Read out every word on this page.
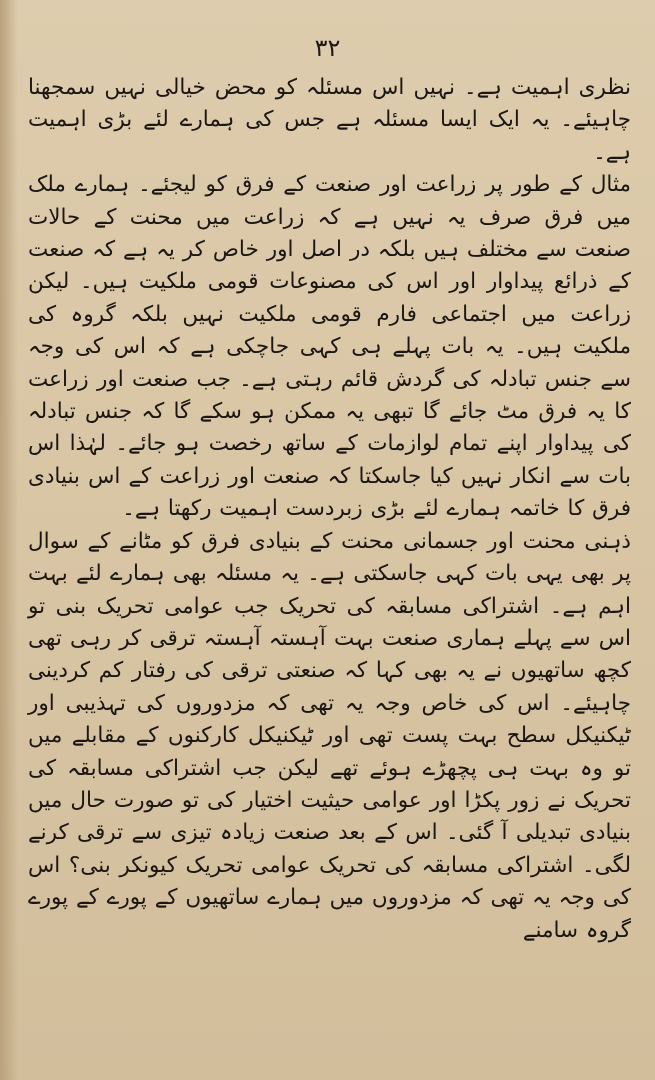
۳۲

نظری اہمیت ہے۔ نہیں اس مسئلہ کو محض خیالی نہیں سمجھنا چاہیئے۔ یہ ایک ایسا مسئلہ ہے جس کی ہمارے لئے بڑی اہمیت ہے۔

مثال کے طور پر زراعت اور صنعت کے فرق کو لیجئے۔ ہمارے ملک میں فرق صرف یہ نہیں ہے کہ زراعت میں محنت کے حالات صنعت سے مختلف ہیں بلکہ در اصل اور خاص کر یہ ہے کہ صنعت کے ذرائع پیداوار اور اس کی مصنوعات قومی ملکیت ہیں۔ لیکن زراعت میں اجتماعی فارم قومی ملکیت نہیں بلکہ گروہ کی ملکیت ہیں۔ یہ بات پہلے ہی کہی جاچکی ہے کہ اس کی وجہ سے جنس تبادلہ کی گردش قائم رہتی ہے۔ جب صنعت اور زراعت کا یہ فرق مٹ جائے گا تبھی یہ ممکن ہو سکے گا کہ جنس تبادلہ کی پیداوار اپنے تمام لوازمات کے ساتھ رخصت ہو جائے۔ لہٰذا اس بات سے انکار نہیں کیا جاسکتا کہ صنعت اور زراعت کے اس بنیادی فرق کا خاتمہ ہمارے لئے بڑی زبردست اہمیت رکھتا ہے۔

ذہنی محنت اور جسمانی محنت کے بنیادی فرق کو مٹانے کے سوال پر بھی یہی بات کہی جاسکتی ہے۔ یہ مسئلہ بھی ہمارے لئے بہت اہم ہے۔ اشتراکی مسابقہ کی تحریک جب عوامی تحریک بنی تو اس سے پہلے ہماری صنعت بہت آہستہ آہستہ ترقی کر رہی تھی کچھ ساتھیوں نے یہ بھی کہا کہ صنعتی ترقی کی رفتار کم کردینی چاہیئے۔ اس کی خاص وجہ یہ تھی کہ مزدوروں کی تہذیبی اور ٹیکنیکل سطح بہت پست تھی اور ٹیکنیکل کارکنوں کے مقابلے میں تو وہ بہت ہی پچھڑے ہوئے تھے لیکن جب اشتراکی مسابقہ کی تحریک نے زور پکڑا اور عوامی حیثیت اختیار کی تو صورت حال میں بنیادی تبدیلی آ گئی۔ اس کے بعد صنعت زیادہ تیزی سے ترقی کرنے لگی۔ اشتراکی مسابقہ کی تحریک عوامی تحریک کیونکر بنی؟ اس کی وجہ یہ تھی کہ مزدوروں میں ہمارے ساتھیوں کے پورے کے پورے گروہ سامنے
